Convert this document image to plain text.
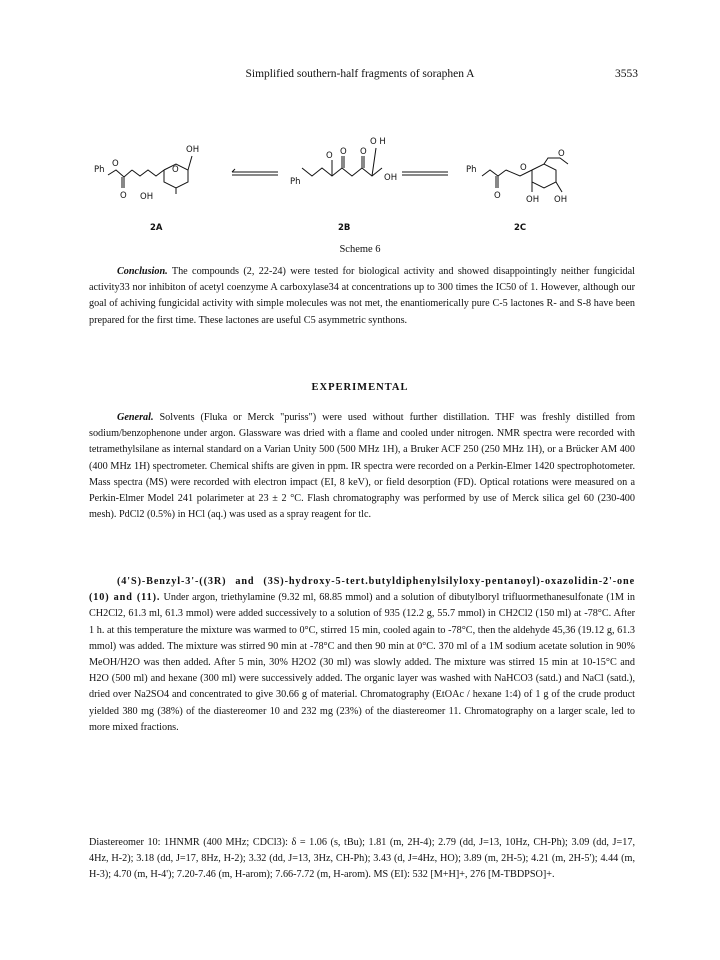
Simplified southern-half fragments of soraphen A	3553
Ph
O
O OH
OH
O
Ph
O O O
O H
OH
Ph
O
O
OH OH
O
2A	2B	2C
Scheme 6
Conclusion. The compounds (2, 22-24) were tested for biological activity and showed disappointingly neither fungicidal activity33 nor inhibiton of acetyl coenzyme A carboxylase34 at concentrations up to 300 times the IC50 of 1. However, although our goal of achiving fungicidal activity with simple molecules was not met, the enantiomerically pure C-5 lactones R- and S-8 have been prepared for the first time. These lactones are useful C5 asymmetric synthons.
EXPERIMENTAL
General. Solvents (Fluka or Merck "puriss") were used without further distillation. THF was freshly distilled from sodium/benzophenone under argon. Glassware was dried with a flame and cooled under nitrogen. NMR spectra were recorded with tetramethylsilane as internal standard on a Varian Unity 500 (500 MHz 1H), a Bruker ACF 250 (250 MHz 1H), or a Brücker AM 400 (400 MHz 1H) spectrometer. Chemical shifts are given in ppm. IR spectra were recorded on a Perkin-Elmer 1420 spectrophotometer. Mass spectra (MS) were recorded with electron impact (EI, 8 keV), or field desorption (FD). Optical rotations were measured on a Perkin-Elmer Model 241 polarimeter at 23 ± 2 °C. Flash chromatography was performed by use of Merck silica gel 60 (230-400 mesh). PdCl2 (0.5%) in HCl (aq.) was used as a spray reagent for tlc.
(4'S)-Benzyl-3'-((3R) and (3S)-hydroxy-5-tert.butyldiphenylsilyloxy-pentanoyl)-oxazolidin-2'-one (10) and (11). Under argon, triethylamine (9.32 ml, 68.85 mmol) and a solution of dibutylboryl trifluormethanesulfonate (1M in CH2Cl2, 61.3 ml, 61.3 mmol) were added successively to a solution of 935 (12.2 g, 55.7 mmol) in CH2Cl2 (150 ml) at -78°C. After 1 h. at this temperature the mixture was warmed to 0°C, stirred 15 min, cooled again to -78°C, then the aldehyde 45,36 (19.12 g, 61.3 mmol) was added. The mixture was stirred 90 min at -78°C and then 90 min at 0°C. 370 ml of a 1M sodium acetate solution in 90% MeOH/H2O was then added. After 5 min, 30% H2O2 (30 ml) was slowly added. The mixture was stirred 15 min at 10-15°C and H2O (500 ml) and hexane (300 ml) were successively added. The organic layer was washed with NaHCO3 (satd.) and NaCl (satd.), dried over Na2SO4 and concentrated to give 30.66 g of material. Chromatography (EtOAc / hexane 1:4) of 1 g of the crude product yielded 380 mg (38%) of the diastereomer 10 and 232 mg (23%) of the diastereomer 11. Chromatography on a larger scale, led to more mixed fractions.
Diastereomer 10: 1HNMR (400 MHz; CDCl3): δ = 1.06 (s, tBu); 1.81 (m, 2H-4); 2.79 (dd, J=13, 10Hz, CH-Ph); 3.09 (dd, J=17, 4Hz, H-2); 3.18 (dd, J=17, 8Hz, H-2); 3.32 (dd, J=13, 3Hz, CH-Ph); 3.43 (d, J=4Hz, HO); 3.89 (m, 2H-5); 4.21 (m, 2H-5'); 4.44 (m, H-3); 4.70 (m, H-4'); 7.20-7.46 (m, H-arom); 7.66-7.72 (m, H-arom). MS (EI): 532 [M+H]+, 276 [M-TBDPSO]+.
